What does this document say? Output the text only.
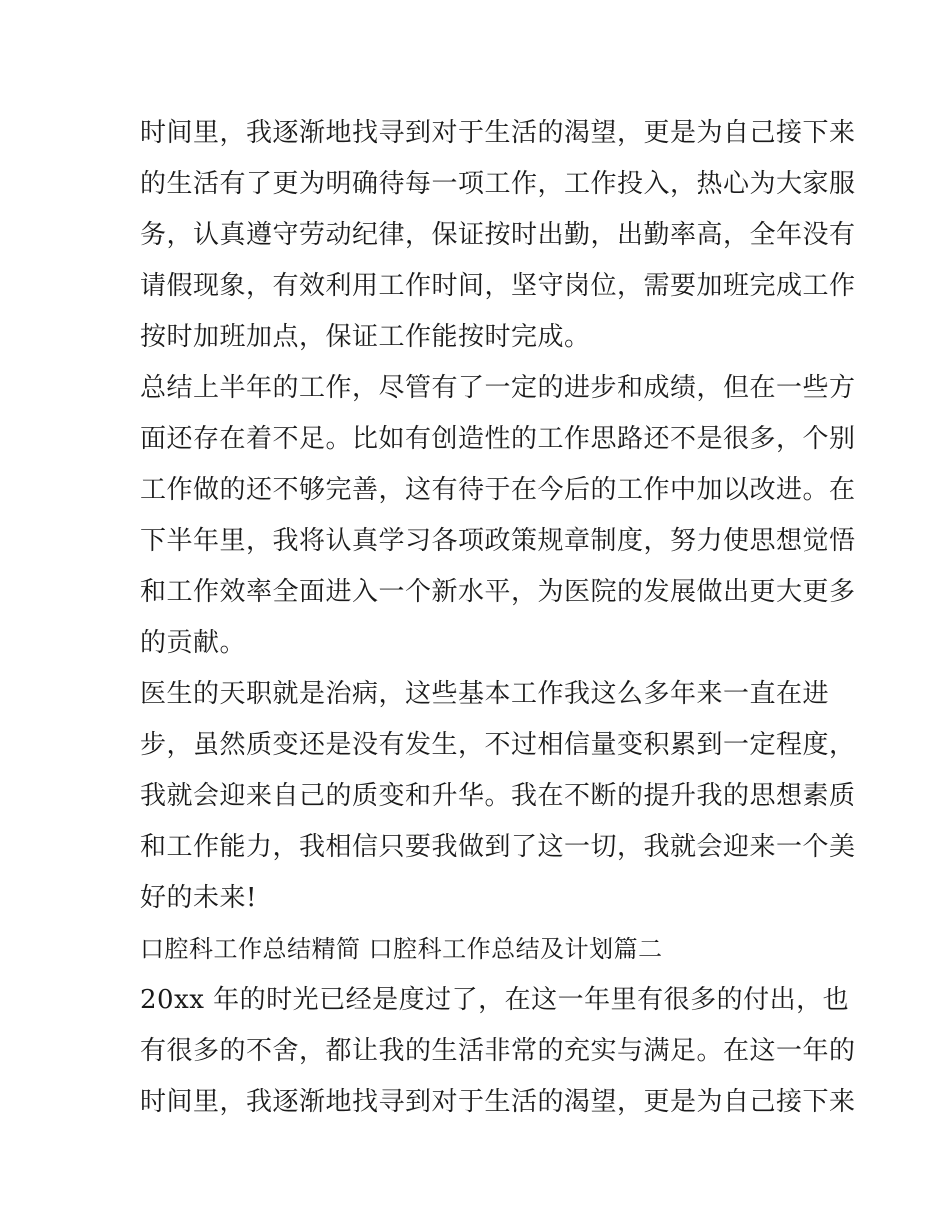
时间里，我逐渐地找寻到对于生活的渴望，更是为自己接下来
的生活有了更为明确待每一项工作，工作投入，热心为大家服
务，认真遵守劳动纪律，保证按时出勤，出勤率高，全年没有
请假现象，有效利用工作时间，坚守岗位，需要加班完成工作
按时加班加点，保证工作能按时完成。
总结上半年的工作，尽管有了一定的进步和成绩，但在一些方
面还存在着不足。比如有创造性的工作思路还不是很多，个别
工作做的还不够完善，这有待于在今后的工作中加以改进。在
下半年里，我将认真学习各项政策规章制度，努力使思想觉悟
和工作效率全面进入一个新水平，为医院的发展做出更大更多
的贡献。
医生的天职就是治病，这些基本工作我这么多年来一直在进
步，虽然质变还是没有发生，不过相信量变积累到一定程度，
我就会迎来自己的质变和升华。我在不断的提升我的思想素质
和工作能力，我相信只要我做到了这一切，我就会迎来一个美
好的未来!
口腔科工作总结精简 口腔科工作总结及计划篇二
20xx 年的时光已经是度过了，在这一年里有很多的付出，也
有很多的不舍，都让我的生活非常的充实与满足。在这一年的
时间里，我逐渐地找寻到对于生活的渴望，更是为自己接下来
